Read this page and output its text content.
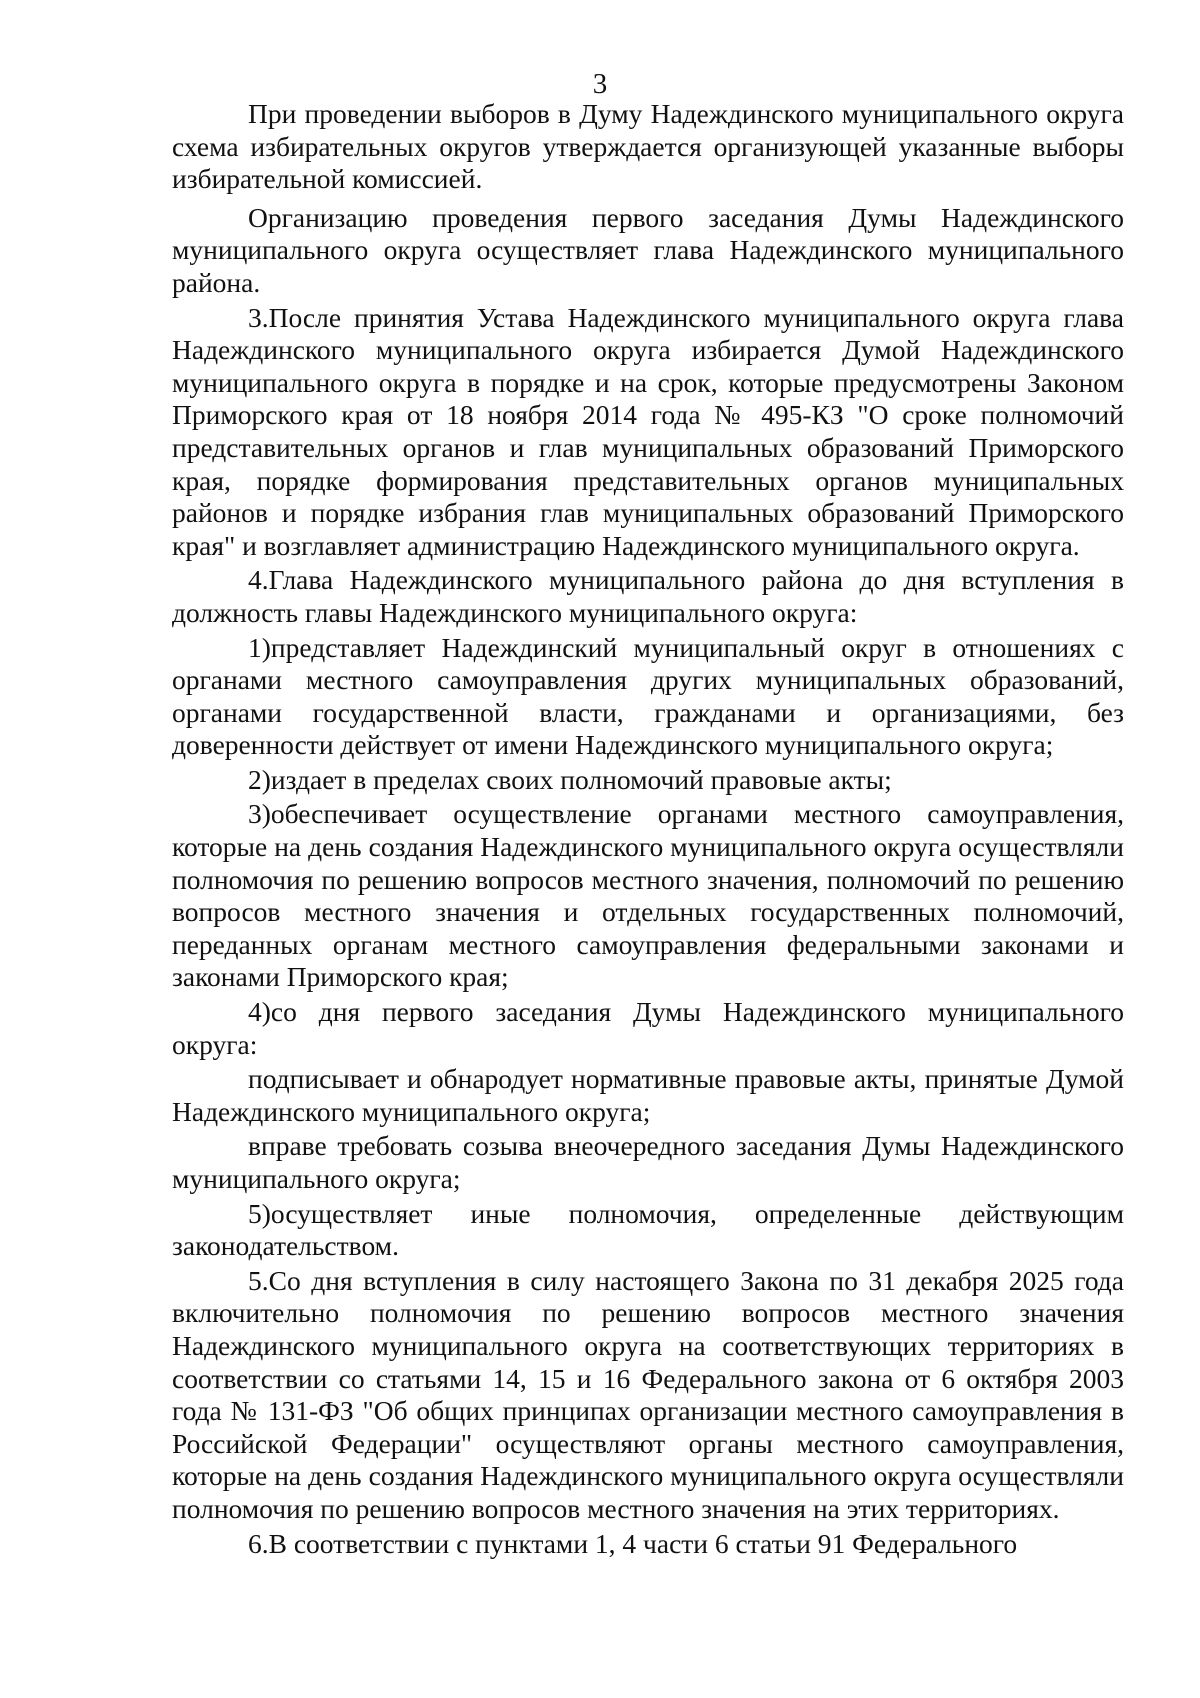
3

При проведении выборов в Думу Надеждинского муниципального округа схема избирательных округов утверждается организующей указанные выборы избирательной комиссией.

Организацию проведения первого заседания Думы Надеждинского муниципального округа осуществляет глава Надеждинского муниципального района.

3.После принятия Устава Надеждинского муниципального округа глава Надеждинского муниципального округа избирается Думой Надеждинского муниципального округа в порядке и на срок, которые предусмотрены Законом Приморского края от 18 ноября 2014 года № 495-КЗ "О сроке полномочий представительных органов и глав муниципальных образований Приморского края, порядке формирования представительных органов муниципальных районов и порядке избрания глав муниципальных образований Приморского края" и возглавляет администрацию Надеждинского муниципального округа.

4.Глава Надеждинского муниципального района до дня вступления в должность главы Надеждинского муниципального округа:

1)представляет Надеждинский муниципальный округ в отношениях с органами местного самоуправления других муниципальных образований, органами государственной власти, гражданами и организациями, без доверенности действует от имени Надеждинского муниципального округа;

2)издает в пределах своих полномочий правовые акты;

3)обеспечивает осуществление органами местного самоуправления, которые на день создания Надеждинского муниципального округа осуществляли полномочия по решению вопросов местного значения, полномочий по решению вопросов местного значения и отдельных государственных полномочий, переданных органам местного самоуправления федеральными законами и законами Приморского края;

4)со дня первого заседания Думы Надеждинского муниципального округа:

подписывает и обнародует нормативные правовые акты, принятые Думой Надеждинского муниципального округа;

вправе требовать созыва внеочередного заседания Думы Надеждинского муниципального округа;

5)осуществляет иные полномочия, определенные действующим законодательством.

5.Со дня вступления в силу настоящего Закона по 31 декабря 2025 года включительно полномочия по решению вопросов местного значения Надеждинского муниципального округа на соответствующих территориях в соответствии со статьями 14, 15 и 16 Федерального закона от 6 октября 2003 года № 131-ФЗ "Об общих принципах организации местного самоуправления в Российской Федерации" осуществляют органы местного самоуправления, которые на день создания Надеждинского муниципального округа осуществляли полномочия по решению вопросов местного значения на этих территориях.

6.В соответствии с пунктами 1, 4 части 6 статьи 91 Федерального
